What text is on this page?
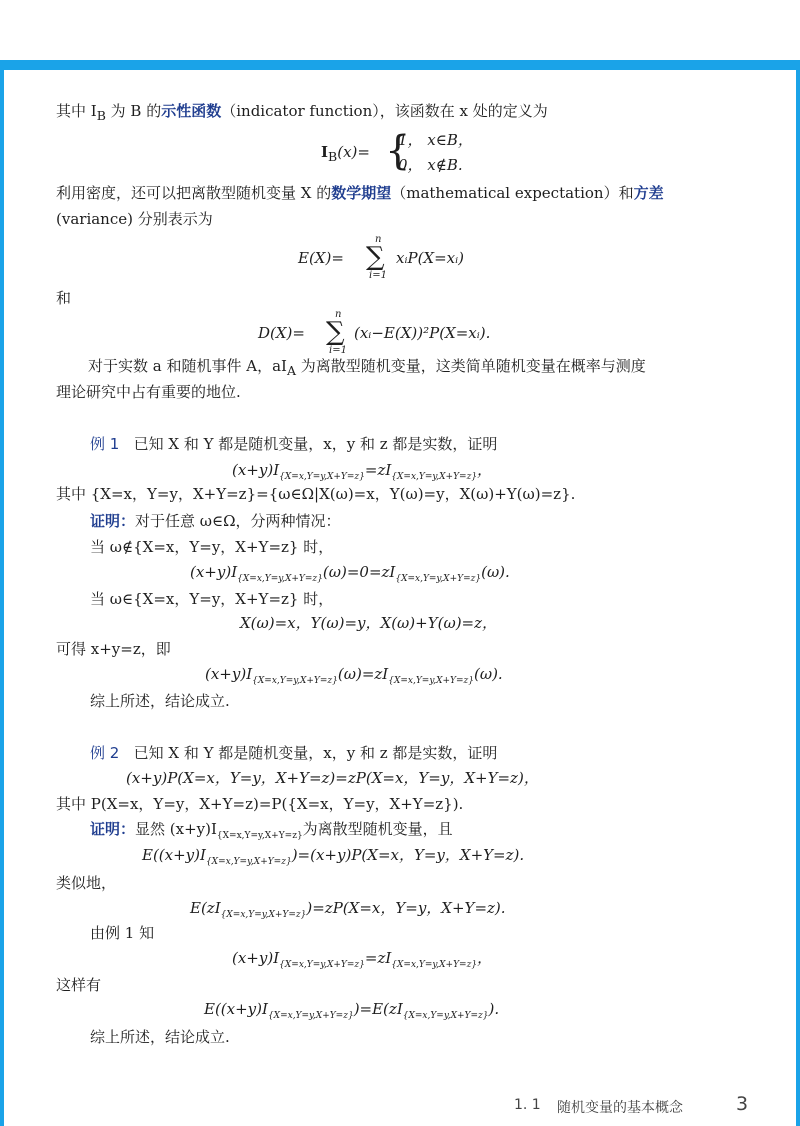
其中 $I_B$ 为 B 的示性函数（indicator function），该函数在 x 处的定义为
$I_B(x)=$ {
1， x∈B，
0， x∉B.
利用密度，还可以把离散型随机变量 X 的数学期望（mathematical expectation）和方差
(variance) 分别表示为
E(X)= ∑
n
i=1
xᵢP(X=xᵢ)
和
D(X)= ∑
n
i=1
(xᵢ−E(X))²P(X=xᵢ).
对于实数 a 和随机事件 A，$aI_A$ 为离散型随机变量，这类简单随机变量在概率与测度
理论研究中占有重要的地位.
例 1 已知 X 和 Y 都是随机变量，x，y 和 z 都是实数，证明
$(x+y)I_{\{X=x,Y=y,X+Y=z\}}=zI_{\{X=x,Y=y,X+Y=z\}}$，
其中 {X=x，Y=y，X+Y=z}={ω∈Ω|X(ω)=x，Y(ω)=y，X(ω)+Y(ω)=z}.
证明：对于任意 ω∈Ω，分两种情况：
当 ω∉{X=x，Y=y，X+Y=z} 时，
$(x+y)I_{\{X=x,Y=y,X+Y=z\}}(\omega)=0=zI_{\{X=x,Y=y,X+Y=z\}}(\omega)$.
当 ω∈{X=x，Y=y，X+Y=z} 时，
X(ω)=x，Y(ω)=y，X(ω)+Y(ω)=z，
可得 x+y=z，即
$(x+y)I_{\{X=x,Y=y,X+Y=z\}}(\omega)=zI_{\{X=x,Y=y,X+Y=z\}}(\omega)$.
综上所述，结论成立.
例 2 已知 X 和 Y 都是随机变量，x，y 和 z 都是实数，证明
(x+y)P(X=x，Y=y，X+Y=z)=zP(X=x，Y=y，X+Y=z)，
其中 P(X=x，Y=y，X+Y=z)=P({X=x，Y=y，X+Y=z}).
证明：显然 $(x+y)I_{\{X=x,Y=y,X+Y=z\}}$为离散型随机变量，且
$E((x+y)I_{\{X=x,Y=y,X+Y=z\}})=(x+y)P(X=x$，Y=y，X+Y=z).
类似地，
$E(zI_{\{X=x,Y=y,X+Y=z\}})=zP(X=x$，Y=y，X+Y=z).
由例 1 知
$(x+y)I_{\{X=x,Y=y,X+Y=z\}}=zI_{\{X=x,Y=y,X+Y=z\}}$，
这样有
$E((x+y)I_{\{X=x,Y=y,X+Y=z\}})=E(zI_{\{X=x,Y=y,X+Y=z\}})$.
综上所述，结论成立.
1. 1 随机变量的基本概念	3
